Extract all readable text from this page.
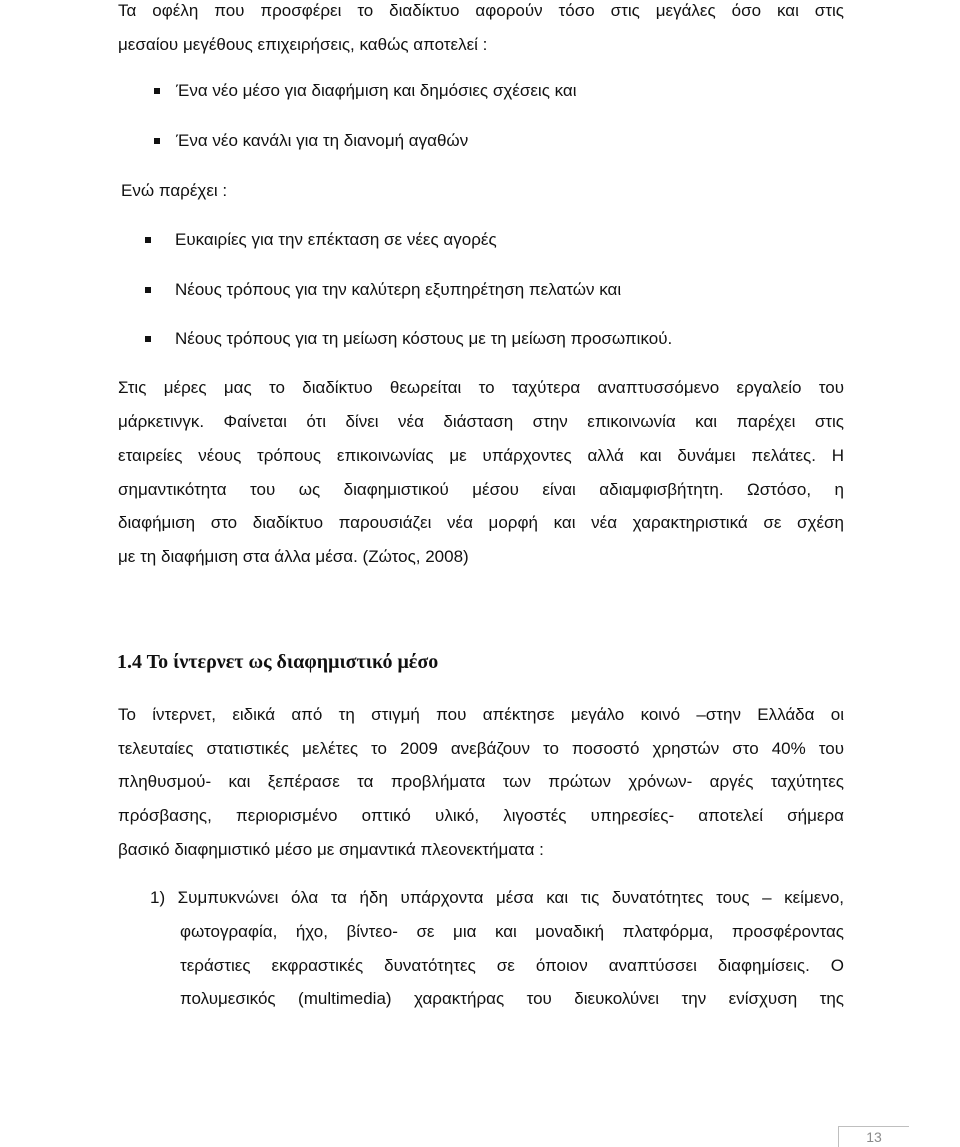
Τα οφέλη που προσφέρει το διαδίκτυο αφορούν τόσο στις μεγάλες όσο και στις
μεσαίου μεγέθους επιχειρήσεις, καθώς αποτελεί :
Ένα νέο μέσο για διαφήμιση και δημόσιες σχέσεις και
Ένα νέο κανάλι για τη διανομή αγαθών
Ενώ παρέχει :
Ευκαιρίες για την επέκταση σε νέες αγορές
Νέους τρόπους για την καλύτερη εξυπηρέτηση πελατών και
Νέους τρόπους για τη μείωση κόστους με τη μείωση προσωπικού.
Στις μέρες μας το διαδίκτυο θεωρείται το ταχύτερα αναπτυσσόμενο εργαλείο του
μάρκετινγκ. Φαίνεται ότι δίνει νέα διάσταση στην επικοινωνία και παρέχει στις
εταιρείες νέους τρόπους επικοινωνίας με υπάρχοντες αλλά και δυνάμει πελάτες. Η
σημαντικότητα του ως διαφημιστικού μέσου είναι αδιαμφισβήτητη. Ωστόσο, η
διαφήμιση στο διαδίκτυο παρουσιάζει νέα μορφή και νέα χαρακτηριστικά σε σχέση
με τη διαφήμιση στα άλλα μέσα. (Ζώτος, 2008)
1.4 Το ίντερνετ ως διαφημιστικό μέσο
Το ίντερνετ, ειδικά από τη στιγμή που απέκτησε μεγάλο κοινό –στην Ελλάδα οι
τελευταίες στατιστικές μελέτες το 2009 ανεβάζουν το ποσοστό χρηστών στο 40% του
πληθυσμού- και ξεπέρασε τα προβλήματα των πρώτων χρόνων- αργές ταχύτητες
πρόσβασης, περιορισμένο οπτικό υλικό, λιγοστές υπηρεσίες- αποτελεί σήμερα
βασικό διαφημιστικό μέσο με σημαντικά πλεονεκτήματα :
1) Συμπυκνώνει όλα τα ήδη υπάρχοντα μέσα και τις δυνατότητες τους – κείμενο,
φωτογραφία, ήχο, βίντεο- σε μια και μοναδική πλατφόρμα, προσφέροντας
τεράστιες εκφραστικές δυνατότητες σε όποιον αναπτύσσει διαφημίσεις. Ο
πολυμεσικός (multimedia) χαρακτήρας του διευκολύνει την ενίσχυση της
13
